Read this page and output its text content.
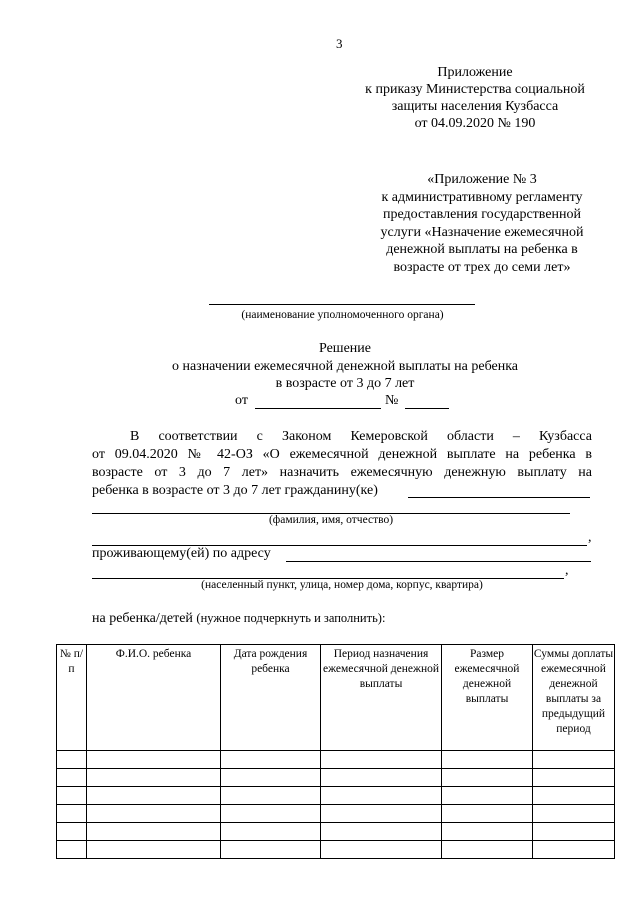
3
Приложение
к приказу Министерства социальной
защиты населения Кузбасса
от 04.09.2020 № 190
«Приложение № 3
к административному регламенту
предоставления государственной
услуги «Назначение ежемесячной
денежной выплаты на ребенка в
возрасте от трех до семи лет»
(наименование уполномоченного органа)
Решение
о назначении ежемесячной денежной выплаты на ребенка
в возрасте от 3 до 7 лет
от	№
В соответствии с Законом Кемеровской области – Кузбасса
от 09.04.2020 № 42-ОЗ «О ежемесячной денежной выплате на ребенка в
возрасте от 3 до 7 лет» назначить ежемесячную денежную выплату на
ребенка в возрасте от 3 до 7 лет гражданину(ке)
(фамилия, имя, отчество)
,
проживающему(ей) по адресу
,
(населенный пункт, улица, номер дома, корпус, квартира)
на ребенка/детей (нужное подчеркнуть и заполнить):
№ п/п	Ф.И.О. ребенка	Дата рождения ребенка	Период назначения ежемесячной денежной выплаты	Размер ежемесячной денежной выплаты	Суммы доплаты ежемесячной денежной выплаты за предыдущий период
